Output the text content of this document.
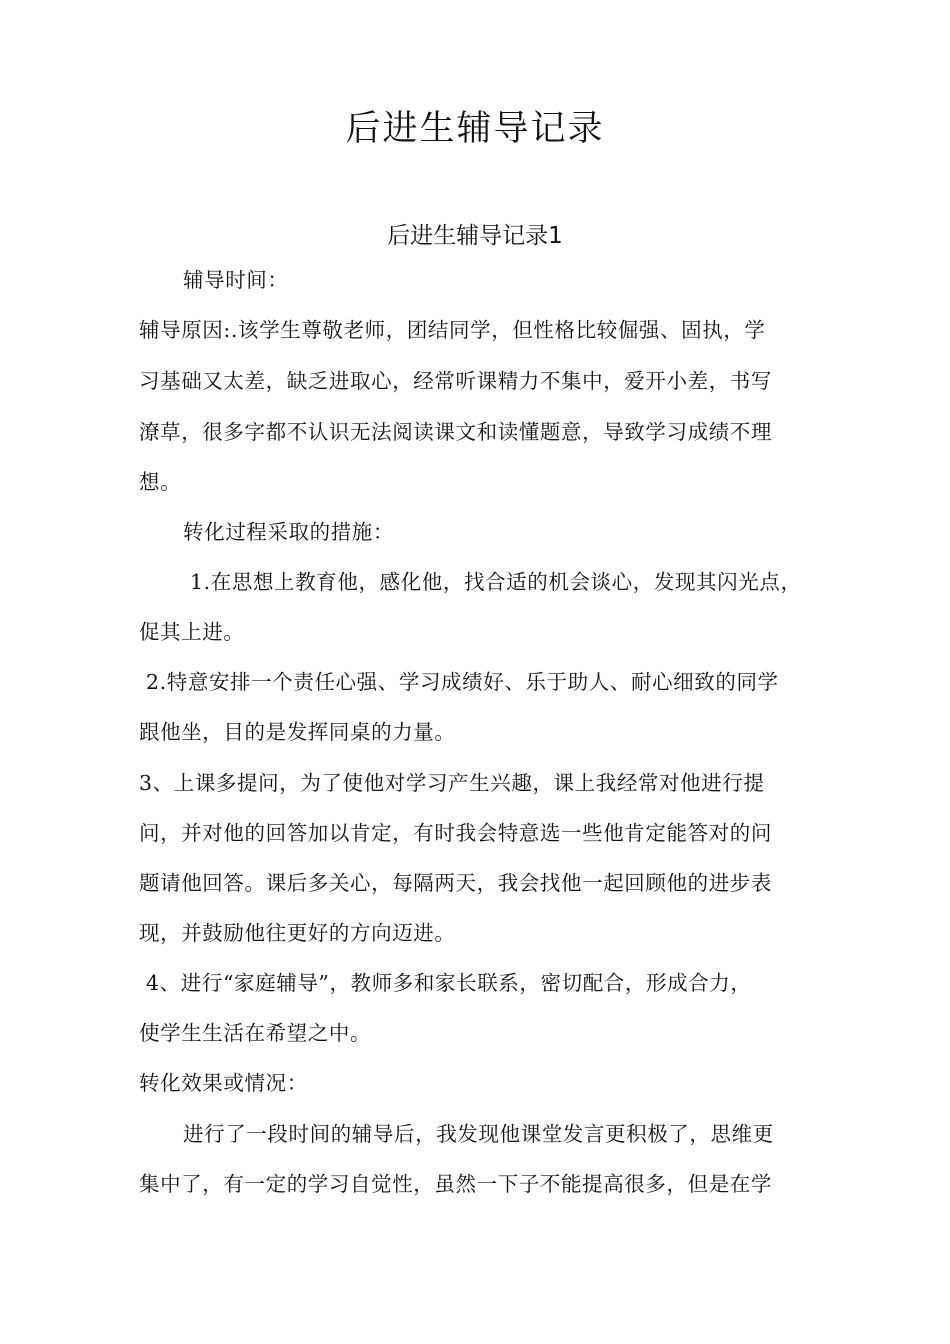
后进生辅导记录
后进生辅导记录1
辅导时间：
辅导原因:.该学生尊敬老师，团结同学，但性格比较倔强、固执，学
习基础又太差，缺乏进取心，经常听课精力不集中，爱开小差，书写
潦草，很多字都不认识无法阅读课文和读懂题意，导致学习成绩不理
想。
转化过程采取的措施：
1.在思想上教育他，感化他，找合适的机会谈心，发现其闪光点，
促其上进。
2.特意安排一个责任心强、学习成绩好、乐于助人、耐心细致的同学
跟他坐，目的是发挥同桌的力量。
3、上课多提问，为了使他对学习产生兴趣，课上我经常对他进行提
问，并对他的回答加以肯定，有时我会特意选一些他肯定能答对的问
题请他回答。课后多关心，每隔两天，我会找他一起回顾他的进步表
现，并鼓励他往更好的方向迈进。
4、进行“家庭辅导”，教师多和家长联系，密切配合，形成合力，
使学生生活在希望之中。
转化效果或情况：
进行了一段时间的辅导后，我发现他课堂发言更积极了，思维更
集中了，有一定的学习自觉性，虽然一下子不能提高很多，但是在学
